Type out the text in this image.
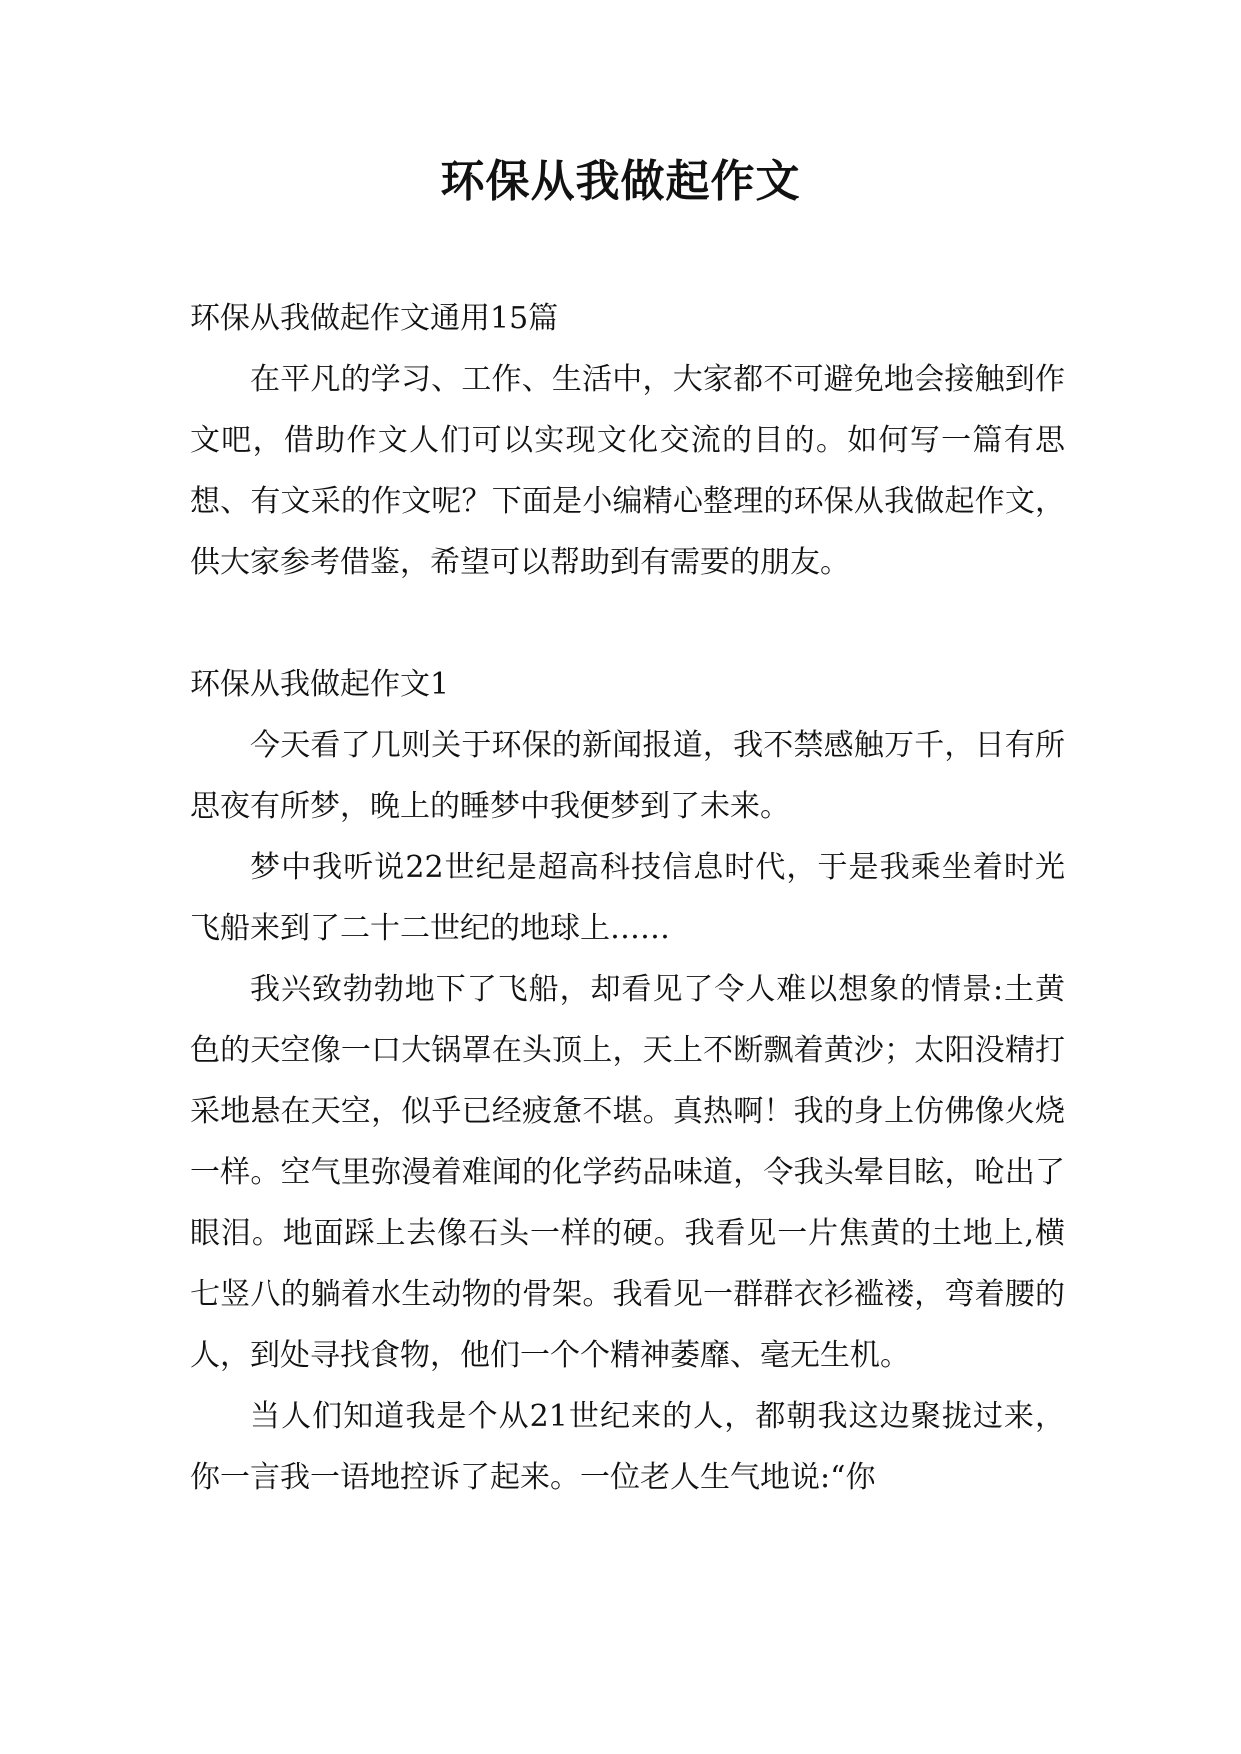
环保从我做起作文

环保从我做起作文通用15篇

在平凡的学习、工作、生活中，大家都不可避免地会接触到作文吧，借助作文人们可以实现文化交流的目的。如何写一篇有思想、有文采的作文呢？下面是小编精心整理的环保从我做起作文，供大家参考借鉴，希望可以帮助到有需要的朋友。

环保从我做起作文1

今天看了几则关于环保的新闻报道，我不禁感触万千，日有所思夜有所梦，晚上的睡梦中我便梦到了未来。

梦中我听说22世纪是超高科技信息时代，于是我乘坐着时光飞船来到了二十二世纪的地球上……

我兴致勃勃地下了飞船，却看见了令人难以想象的情景:土黄色的天空像一口大锅罩在头顶上，天上不断飘着黄沙；太阳没精打采地悬在天空，似乎已经疲惫不堪。真热啊！我的身上仿佛像火烧一样。空气里弥漫着难闻的化学药品味道，令我头晕目眩，呛出了眼泪。地面踩上去像石头一样的硬。我看见一片焦黄的土地上,横七竖八的躺着水生动物的骨架。我看见一群群衣衫褴褛，弯着腰的人，到处寻找食物，他们一个个精神萎靡、毫无生机。

当人们知道我是个从21世纪来的人，都朝我这边聚拢过来，你一言我一语地控诉了起来。一位老人生气地说:“你
